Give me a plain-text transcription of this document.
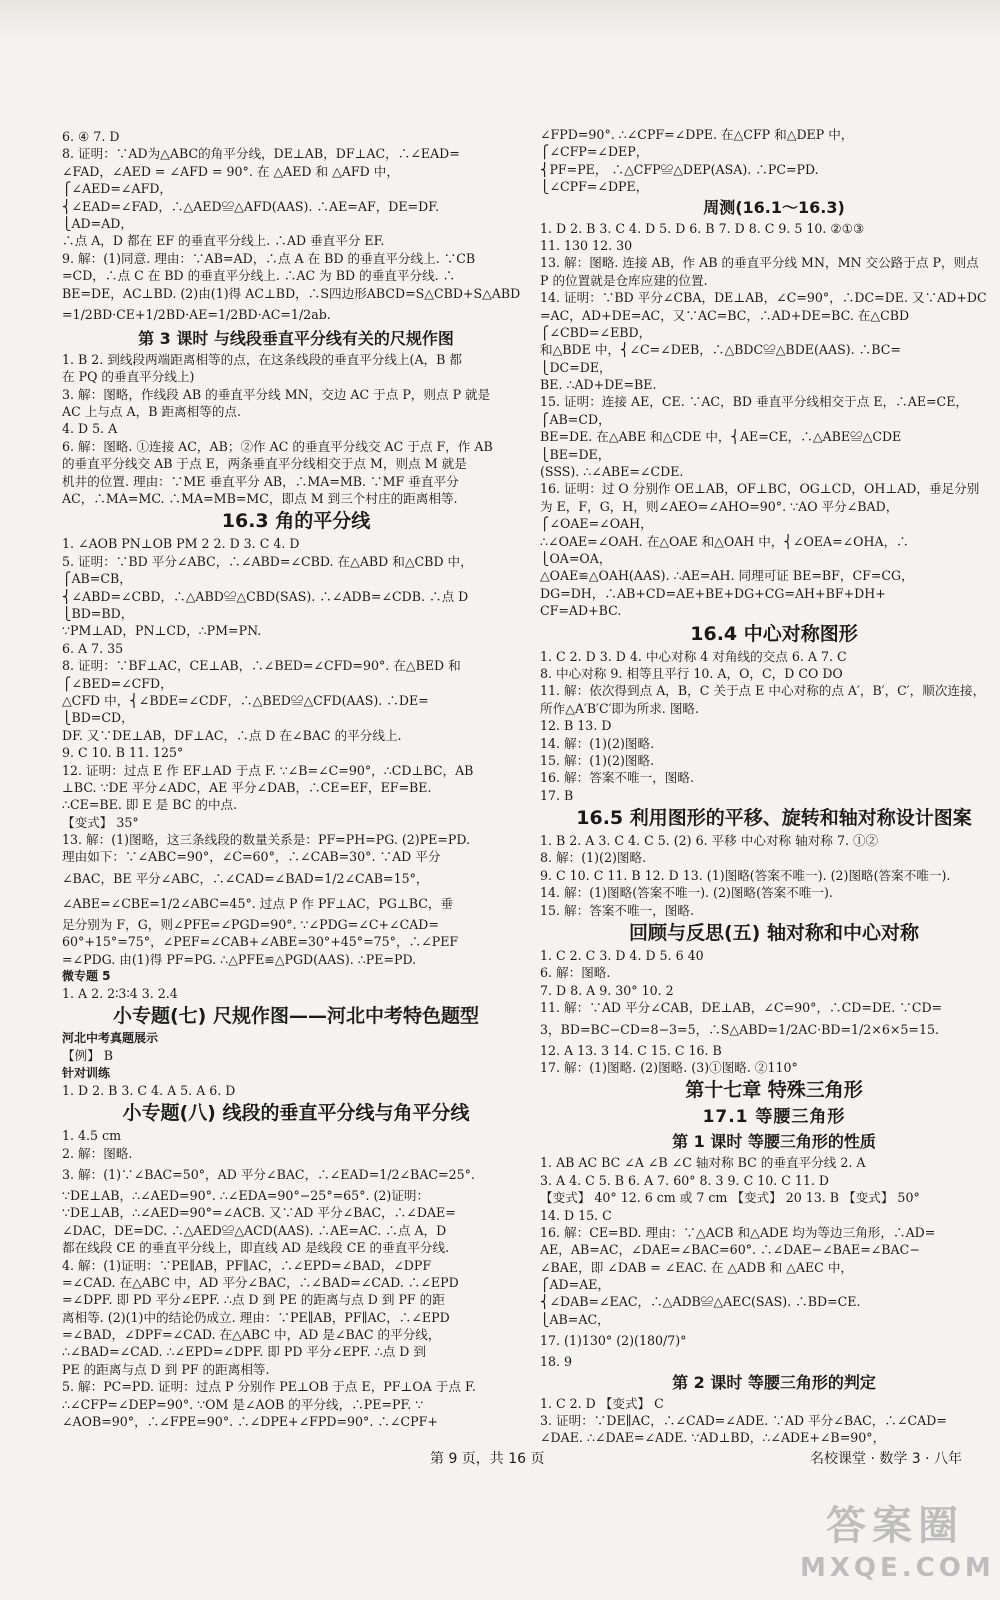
6. ④ 7. D
8. 证明：∵AD为△ABC的角平分线，DE⊥AB，DF⊥AC，∴∠EAD=
∠FAD，∠AED = ∠AFD = 90°. 在 △AED 和 △AFD 中，
⎧∠AED=∠AFD，
⎨∠EAD=∠FAD，∴△AED≌△AFD(AAS). ∴AE=AF，DE=DF.
⎩AD=AD，
∴点 A，D 都在 EF 的垂直平分线上. ∴AD 垂直平分 EF.
9. 解：(1)同意. 理由：∵AB=AD，∴点 A 在 BD 的垂直平分线上. ∵CB
=CD，∴点 C 在 BD 的垂直平分线上. ∴AC 为 BD 的垂直平分线. ∴
BE=DE，AC⊥BD. (2)由(1)得 AC⊥BD，∴S四边形ABCD=S△CBD+S△ABD
=1/2BD·CE+1/2BD·AE=1/2BD·AC=1/2ab.
第 3 课时 与线段垂直平分线有关的尺规作图
1. B 2. 到线段两端距离相等的点，在这条线段的垂直平分线上(A，B 都
在 PQ 的垂直平分线上)
3. 解：图略，作线段 AB 的垂直平分线 MN，交边 AC 于点 P，则点 P 就是
AC 上与点 A，B 距离相等的点.
4. D 5. A
6. 解：图略. ①连接 AC，AB；②作 AC 的垂直平分线交 AC 于点 F，作 AB
的垂直平分线交 AB 于点 E，两条垂直平分线相交于点 M，则点 M 就是
机井的位置. 理由：∵ME 垂直平分 AB，∴MA=MB. ∵MF 垂直平分
AC，∴MA=MC. ∴MA=MB=MC，即点 M 到三个村庄的距离相等.
16.3 角的平分线
1. ∠AOB PN⊥OB PM 2 2. D 3. C 4. D
5. 证明：∵BD 平分∠ABC，∴∠ABD=∠CBD. 在△ABD 和△CBD 中，
⎧AB=CB，
⎨∠ABD=∠CBD，∴△ABD≌△CBD(SAS). ∴∠ADB=∠CDB. ∴点 D
⎩BD=BD，
∵PM⊥AD，PN⊥CD，∴PM=PN.
6. A 7. 35
8. 证明：∵BF⊥AC，CE⊥AB，∴∠BED=∠CFD=90°. 在△BED 和
⎧∠BED=∠CFD，
△CFD 中，⎨∠BDE=∠CDF，∴△BED≌△CFD(AAS). ∴DE=
⎩BD=CD，
DF. 又∵DE⊥AB，DF⊥AC，∴点 D 在∠BAC 的平分线上.
9. C 10. B 11. 125°
12. 证明：过点 E 作 EF⊥AD 于点 F. ∵∠B=∠C=90°，∴CD⊥BC，AB
⊥BC. ∵DE 平分∠ADC，AE 平分∠DAB，∴CE=EF，EF=BE.
∴CE=BE. 即 E 是 BC 的中点.
【变式】 35°
13. 解：(1)图略，这三条线段的数量关系是：PF=PH=PG. (2)PE=PD.
理由如下：∵∠ABC=90°，∠C=60°，∴∠CAB=30°. ∵AD 平分
∠BAC，BE 平分∠ABC，∴∠CAD=∠BAD=1/2∠CAB=15°，
∠ABE=∠CBE=1/2∠ABC=45°. 过点 P 作 PF⊥AC，PG⊥BC，垂
足分别为 F，G，则∠PFE=∠PGD=90°. ∵∠PDG=∠C+∠CAD=
60°+15°=75°，∠PEF=∠CAB+∠ABE=30°+45°=75°，∴∠PEF
=∠PDG. 由(1)得 PF=PG. ∴△PFE≌△PGD(AAS). ∴PE=PD.
微专题 5
1. A 2. 2∶3∶4 3. 2.4
小专题(七) 尺规作图——河北中考特色题型
河北中考真题展示
【例】 B
针对训练
1. D 2. B 3. C 4. A 5. A 6. D
小专题(八) 线段的垂直平分线与角平分线
1. 4.5 cm
2. 解：图略.
3. 解：(1)∵∠BAC=50°，AD 平分∠BAC，∴∠EAD=1/2∠BAC=25°.
∵DE⊥AB，∴∠AED=90°. ∴∠EDA=90°−25°=65°. (2)证明：
∵DE⊥AB，∴∠AED=90°=∠ACB. 又∵AD 平分∠BAC，∴∠DAE=
∠DAC，DE=DC. ∴△AED≌△ACD(AAS). ∴AE=AC. ∴点 A，D
都在线段 CE 的垂直平分线上，即直线 AD 是线段 CE 的垂直平分线.
4. 解：(1)证明：∵PE∥AB，PF∥AC，∴∠EPD=∠BAD，∠DPF
=∠CAD. 在△ABC 中，AD 平分∠BAC，∴∠BAD=∠CAD. ∴∠EPD
=∠DPF. 即 PD 平分∠EPF. ∴点 D 到 PE 的距离与点 D 到 PF 的距
离相等. (2)(1)中的结论仍成立. 理由：∵PE∥AB，PF∥AC，∴∠EPD
=∠BAD，∠DPF=∠CAD. 在△ABC 中，AD 是∠BAC 的平分线，
∴∠BAD=∠CAD. ∴∠EPD=∠DPF. 即 PD 平分∠EPF. ∴点 D 到
PE 的距离与点 D 到 PF 的距离相等.
5. 解：PC=PD. 证明：过点 P 分别作 PE⊥OB 于点 E，PF⊥OA 于点 F.
∴∠CFP=∠DEP=90°. ∵OM 是∠AOB 的平分线，∴PE=PF. ∵
∠AOB=90°，∴∠FPE=90°. ∴∠DPE+∠FPD=90°. ∴∠CPF+
∠FPD=90°. ∴∠CPF=∠DPE. 在△CFP 和△DEP 中，
⎧∠CFP=∠DEP，
⎨PF=PE， ∴△CFP≌△DEP(ASA). ∴PC=PD.
⎩∠CPF=∠DPE，
周测(16.1～16.3)
1. D 2. B 3. C 4. D 5. D 6. B 7. D 8. C 9. 5 10. ②①③
11. 130 12. 30
13. 解：图略. 连接 AB，作 AB 的垂直平分线 MN，MN 交公路于点 P，则点
P 的位置就是仓库应建的位置.
14. 证明：∵BD 平分∠CBA，DE⊥AB，∠C=90°，∴DC=DE. 又∵AD+DC
=AC，AD+DE=AC，又∵AC=BC，∴AD+DE=BC. 在△CBD
⎧∠CBD=∠EBD，
和△BDE 中，⎨∠C=∠DEB，∴△BDC≌△BDE(AAS). ∴BC=
⎩DC=DE，
BE. ∴AD+DE=BE.
15. 证明：连接 AE，CE. ∵AC，BD 垂直平分线相交于点 E，∴AE=CE，
⎧AB=CD，
BE=DE. 在△ABE 和△CDE 中，⎨AE=CE，∴△ABE≌△CDE
⎩BE=DE，
(SSS). ∴∠ABE=∠CDE.
16. 证明：过 O 分别作 OE⊥AB，OF⊥BC，OG⊥CD，OH⊥AD，垂足分别
为 E，F，G，H，则∠AEO=∠AHO=90°. ∵AO 平分∠BAD，
⎧∠OAE=∠OAH，
∴∠OAE=∠OAH. 在△OAE 和△OAH 中，⎨∠OEA=∠OHA，∴
⎩OA=OA，
△OAE≌△OAH(AAS). ∴AE=AH. 同理可证 BE=BF，CF=CG，
DG=DH，∴AB+CD=AE+BE+DG+CG=AH+BF+DH+
CF=AD+BC.
16.4 中心对称图形
1. C 2. D 3. D 4. 中心对称 4 对角线的交点 6. A 7. C
8. 中心对称 9. 相等且平行 10. A，O，C，D CO DO
11. 解：依次得到点 A，B，C 关于点 E 中心对称的点 A′，B′，C′，顺次连接，
所作△A′B′C′即为所求. 图略.
12. B 13. D
14. 解：(1)(2)图略.
15. 解：(1)(2)图略.
16. 解：答案不唯一，图略.
17. B
16.5 利用图形的平移、旋转和轴对称设计图案
1. B 2. A 3. C 4. C 5. (2) 6. 平移 中心对称 轴对称 7. ①②
8. 解：(1)(2)图略.
9. C 10. C 11. B 12. D 13. (1)图略(答案不唯一). (2)图略(答案不唯一).
14. 解：(1)图略(答案不唯一). (2)图略(答案不唯一).
15. 解：答案不唯一，图略.
回顾与反思(五) 轴对称和中心对称
1. C 2. C 3. D 4. D 5. 6 40
6. 解：图略.
7. D 8. A 9. 30° 10. 2
11. 解：∵AD 平分∠CAB，DE⊥AB，∠C=90°，∴CD=DE. ∵CD=
3，BD=BC−CD=8−3=5，∴S△ABD=1/2AC·BD=1/2×6×5=15.
12. A 13. 3 14. C 15. C 16. B
17. 解：(1)图略. (2)图略. (3)①图略. ②110°
第十七章 特殊三角形
17.1 等腰三角形
第 1 课时 等腰三角形的性质
1. AB AC BC ∠A ∠B ∠C 轴对称 BC 的垂直平分线 2. A
3. A 4. C 5. B 6. A 7. 60° 8. 3 9. C 10. C 11. D
【变式】 40° 12. 6 cm 或 7 cm 【变式】 20 13. B 【变式】 50°
14. D 15. C
16. 解：CE=BD. 理由：∵△ACB 和△ADE 均为等边三角形，∴AD=
AE，AB=AC，∠DAE=∠BAC=60°. ∴∠DAE−∠BAE=∠BAC−
∠BAE，即 ∠DAB = ∠EAC. 在 △ADB 和 △AEC 中，
⎧AD=AE，
⎨∠DAB=∠EAC，∴△ADB≌△AEC(SAS). ∴BD=CE.
⎩AB=AC，
17. (1)130° (2)(180/7)°
18. 9
第 2 课时 等腰三角形的判定
1. C 2. D 【变式】 C
3. 证明：∵DE∥AC，∴∠CAD=∠ADE. ∵AD 平分∠BAC，∴∠CAD=
∠DAE. ∴∠DAE=∠ADE. ∵AD⊥BD，∴∠ADE+∠B=90°，
第 9 页，共 16 页	名校课堂 · 数学 3 · 八年
答案圈
MXQE.COM
